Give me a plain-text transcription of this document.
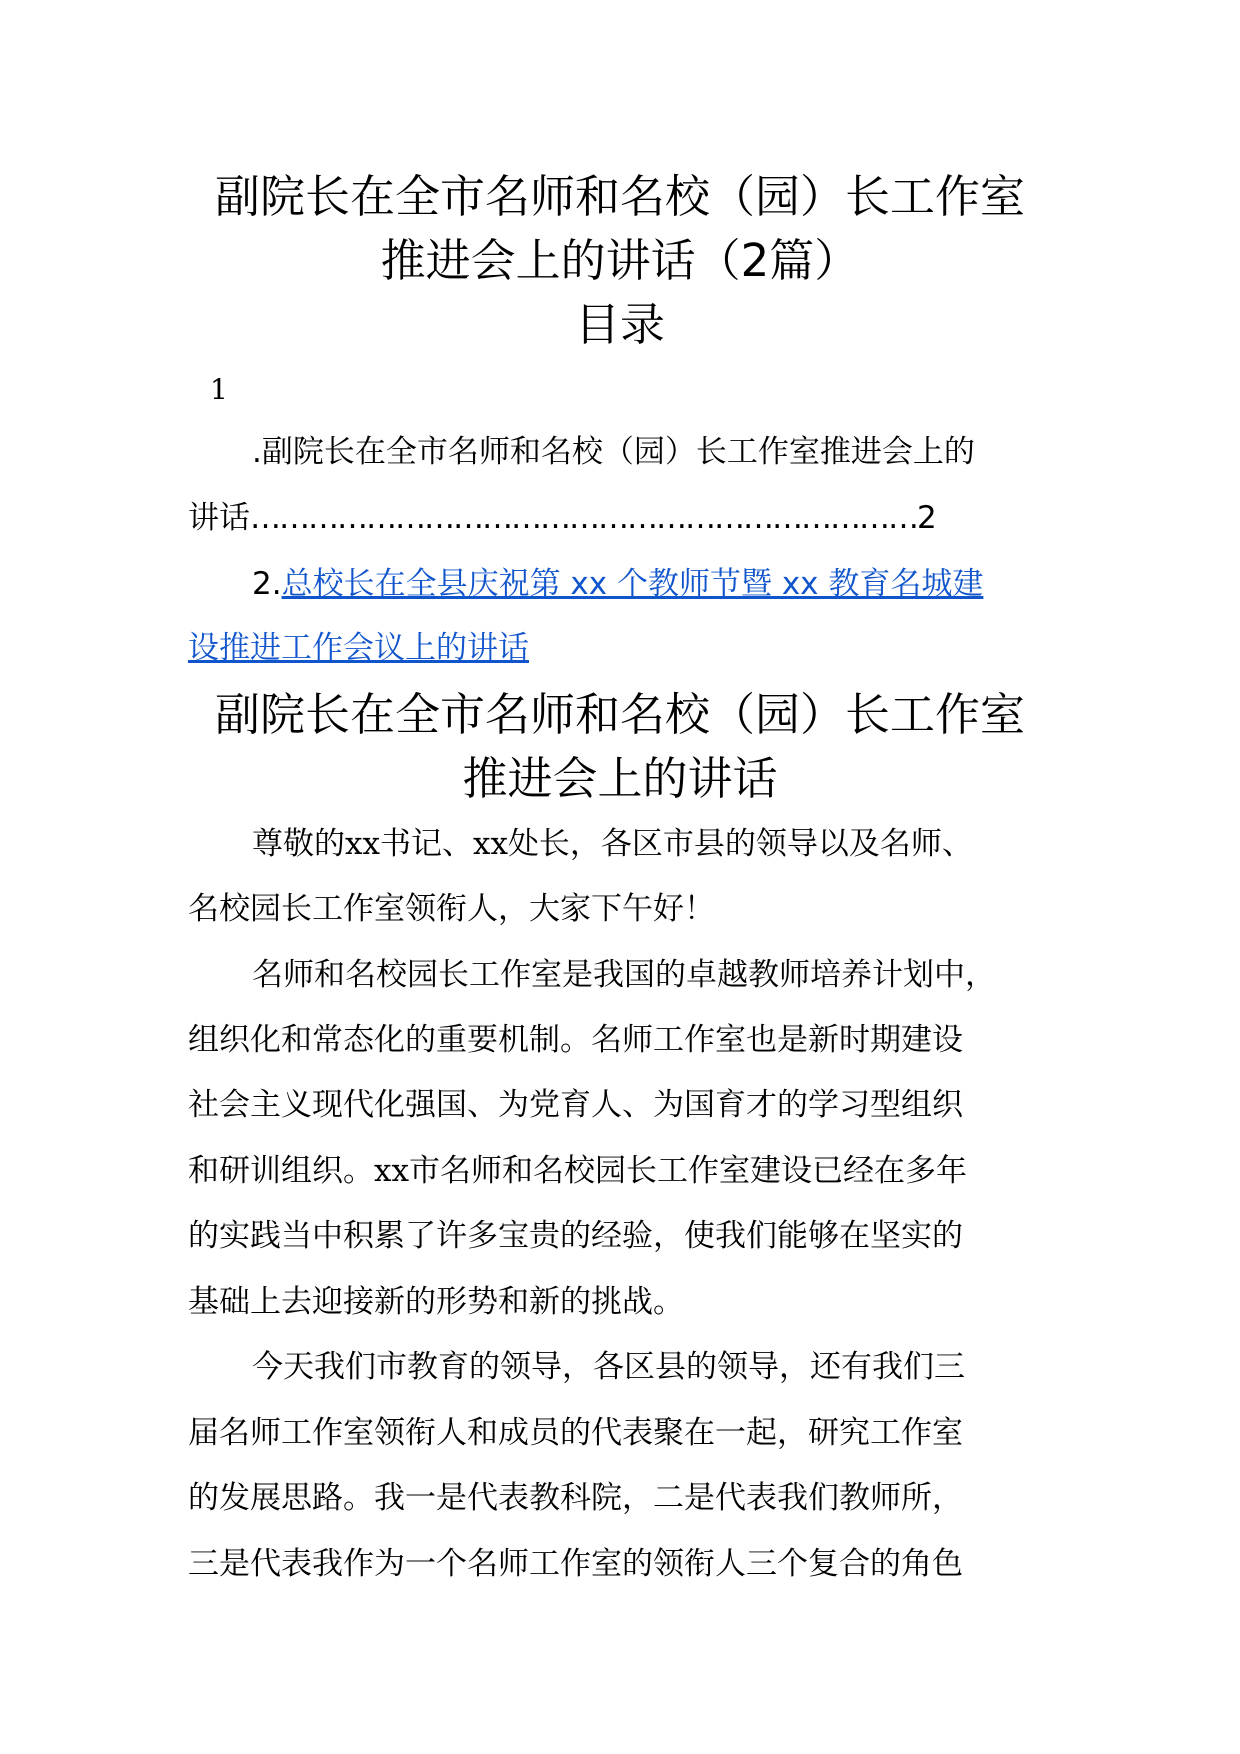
副院长在全市名师和名校（园）长工作室
推进会上的讲话（2篇）
目录
1
.副院长在全市名师和名校（园）长工作室推进会上的
讲话……………………………………………………………2
2.总校长在全县庆祝第 xx 个教师节暨 xx 教育名城建
设推进工作会议上的讲话
副院长在全市名师和名校（园）长工作室
推进会上的讲话
尊敬的xx书记、xx处长，各区市县的领导以及名师、
名校园长工作室领衔人，大家下午好！
名师和名校园长工作室是我国的卓越教师培养计划中，
组织化和常态化的重要机制。名师工作室也是新时期建设
社会主义现代化强国、为党育人、为国育才的学习型组织
和研训组织。xx市名师和名校园长工作室建设已经在多年
的实践当中积累了许多宝贵的经验，使我们能够在坚实的
基础上去迎接新的形势和新的挑战。
今天我们市教育的领导，各区县的领导，还有我们三
届名师工作室领衔人和成员的代表聚在一起，研究工作室
的发展思路。我一是代表教科院，二是代表我们教师所，
三是代表我作为一个名师工作室的领衔人三个复合的角色
